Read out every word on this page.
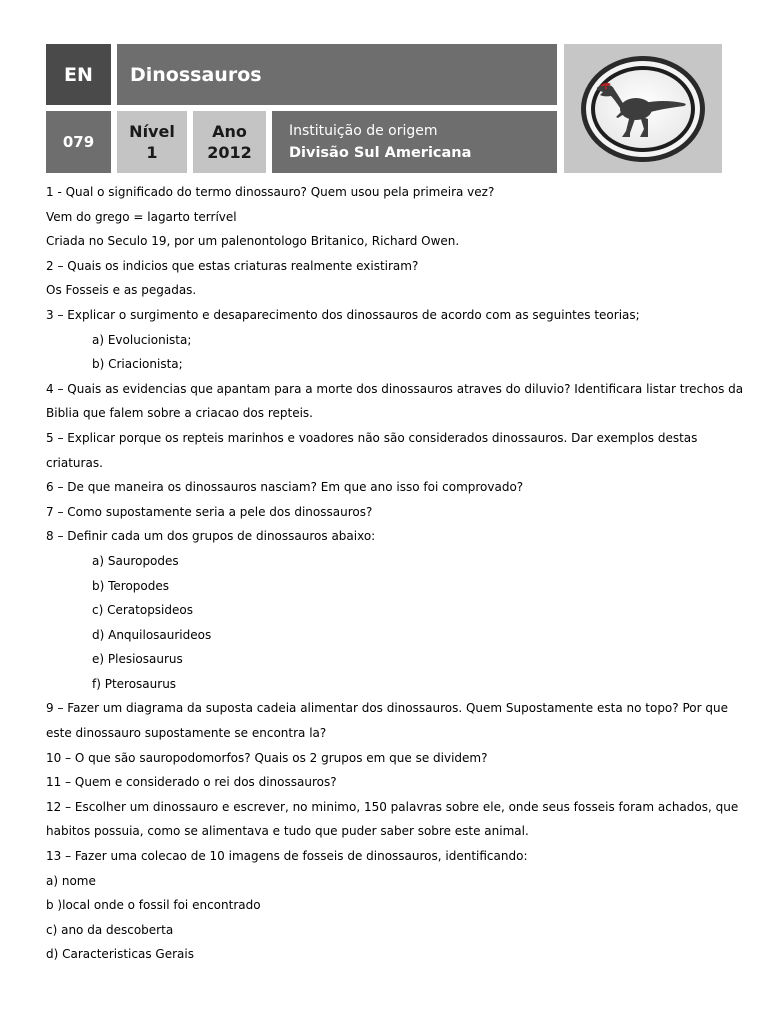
EN Dinossauros
079
Nível
1
Ano
2012
Instituição de origem
Divisão Sul Americana

1 - Qual o significado do termo dinossauro? Quem usou pela primeira vez?

Vem do grego = lagarto terrível

Criada no Seculo 19, por um palenontologo Britanico, Richard Owen.

2 – Quais os indicios que estas criaturas realmente existiram?

Os Fosseis e as pegadas.

3 – Explicar o surgimento e desaparecimento dos dinossauros de acordo com as seguintes teorias;

a) Evolucionista;

b) Criacionista;

4 – Quais as evidencias que apantam para a morte dos dinossauros atraves do diluvio? Identificara listar trechos da

Biblia que falem sobre a criacao dos repteis.

5 – Explicar porque os repteis marinhos e voadores não são considerados dinossauros. Dar exemplos destas

criaturas.

6 – De que maneira os dinossauros nasciam? Em que ano isso foi comprovado?

7 – Como supostamente seria a pele dos dinossauros?

8 – Definir cada um dos grupos de dinossauros abaixo:

a) Sauropodes

b) Teropodes

c) Ceratopsideos

d) Anquilosaurideos

e) Plesiosaurus

f) Pterosaurus

9 – Fazer um diagrama da suposta cadeia alimentar dos dinossauros. Quem Supostamente esta no topo? Por que

este dinossauro supostamente se encontra la?

10 – O que são sauropodomorfos? Quais os 2 grupos em que se dividem?

11 – Quem e considerado o rei dos dinossauros?

12 – Escolher um dinossauro e escrever, no minimo, 150 palavras sobre ele, onde seus fosseis foram achados, que

habitos possuia, como se alimentava e tudo que puder saber sobre este animal.

13 – Fazer uma colecao de 10 imagens de fosseis de dinossauros, identificando:

a) nome

b )local onde o fossil foi encontrado

c) ano da descoberta

d) Caracteristicas Gerais
